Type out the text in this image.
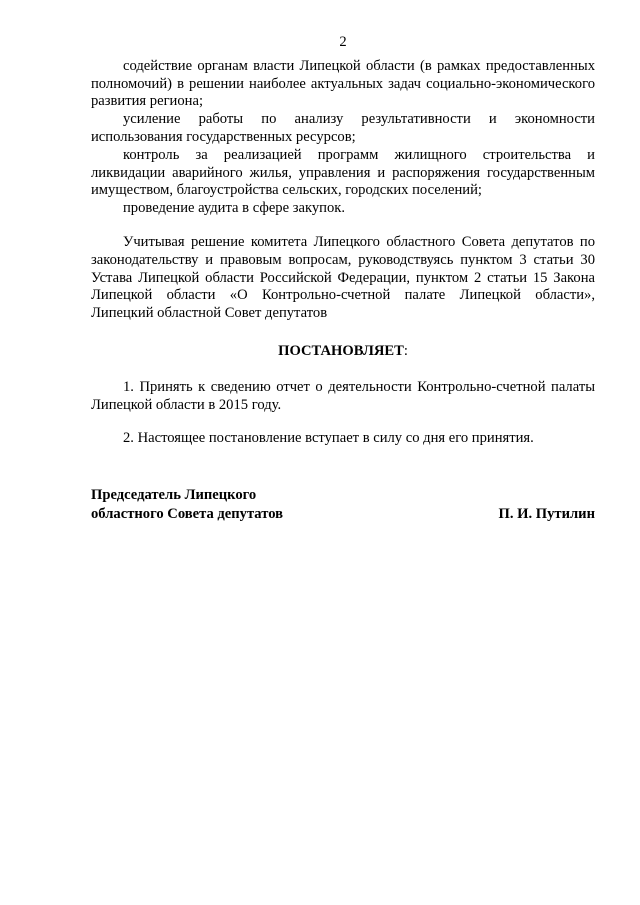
2

содействие органам власти Липецкой области (в рамках предоставленных полномочий) в решении наиболее актуальных задач социально-экономического развития региона;

усиление работы по анализу результативности и экономности использования государственных ресурсов;

контроль за реализацией программ жилищного строительства и ликвидации аварийного жилья, управления и распоряжения государственным имуществом, благоустройства сельских, городских поселений;

проведение аудита в сфере закупок.

Учитывая решение комитета Липецкого областного Совета депутатов по законодательству и правовым вопросам, руководствуясь пунктом 3 статьи 30 Устава Липецкой области Российской Федерации, пунктом 2 статьи 15 Закона Липецкой области «О Контрольно-счетной палате Липецкой области», Липецкий областной Совет депутатов

ПОСТАНОВЛЯЕТ:

1. Принять к сведению отчет о деятельности Контрольно-счетной палаты Липецкой области в 2015 году.

2. Настоящее постановление вступает в силу со дня его принятия.

Председатель Липецкого
областного Совета депутатов	П. И. Путилин
